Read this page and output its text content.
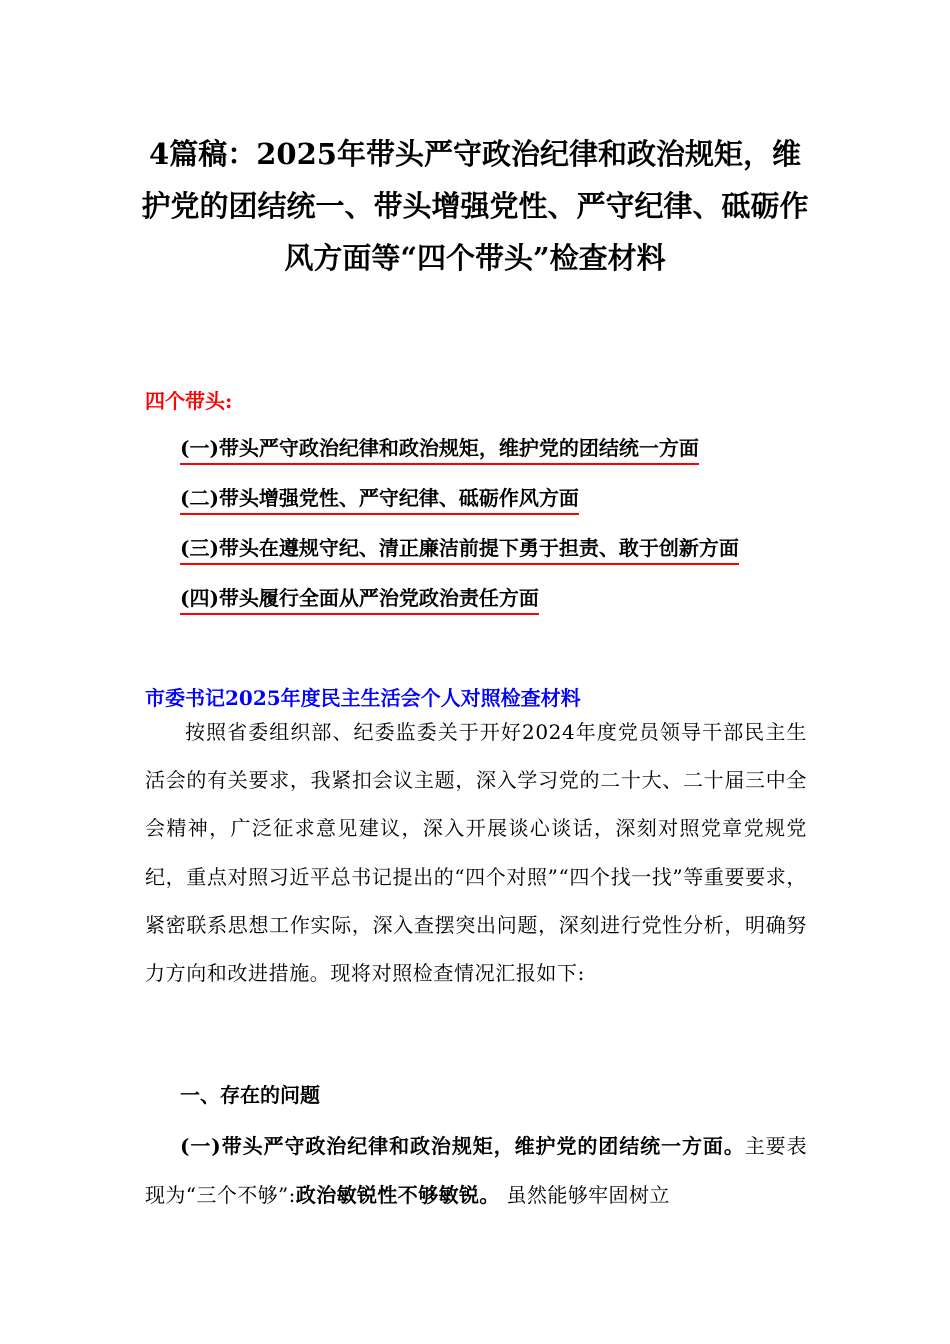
4篇稿：2025年带头严守政治纪律和政治规矩，维护党的团结统一、带头增强党性、严守纪律、砥砺作风方面等“四个带头”检查材料
四个带头:
(一)带头严守政治纪律和政治规矩，维护党的团结统一方面
(二)带头增强党性、严守纪律、砥砺作风方面
(三)带头在遵规守纪、清正廉洁前提下勇于担责、敢于创新方面
(四)带头履行全面从严治党政治责任方面
市委书记2025年度民主生活会个人对照检查材料
按照省委组织部、纪委监委关于开好2024年度党员领导干部民主生活会的有关要求，我紧扣会议主题，深入学习党的二十大、二十届三中全会精神，广泛征求意见建议，深入开展谈心谈话，深刻对照党章党规党纪，重点对照习近平总书记提出的“四个对照”“四个找一找”等重要要求，紧密联系思想工作实际，深入查摆突出问题，深刻进行党性分析，明确努力方向和改进措施。现将对照检查情况汇报如下:
一、存在的问题
(一)带头严守政治纪律和政治规矩，维护党的团结统一方面。主要表现为“三个不够”:政治敏锐性不够敏锐。 虽然能够牢固树立
